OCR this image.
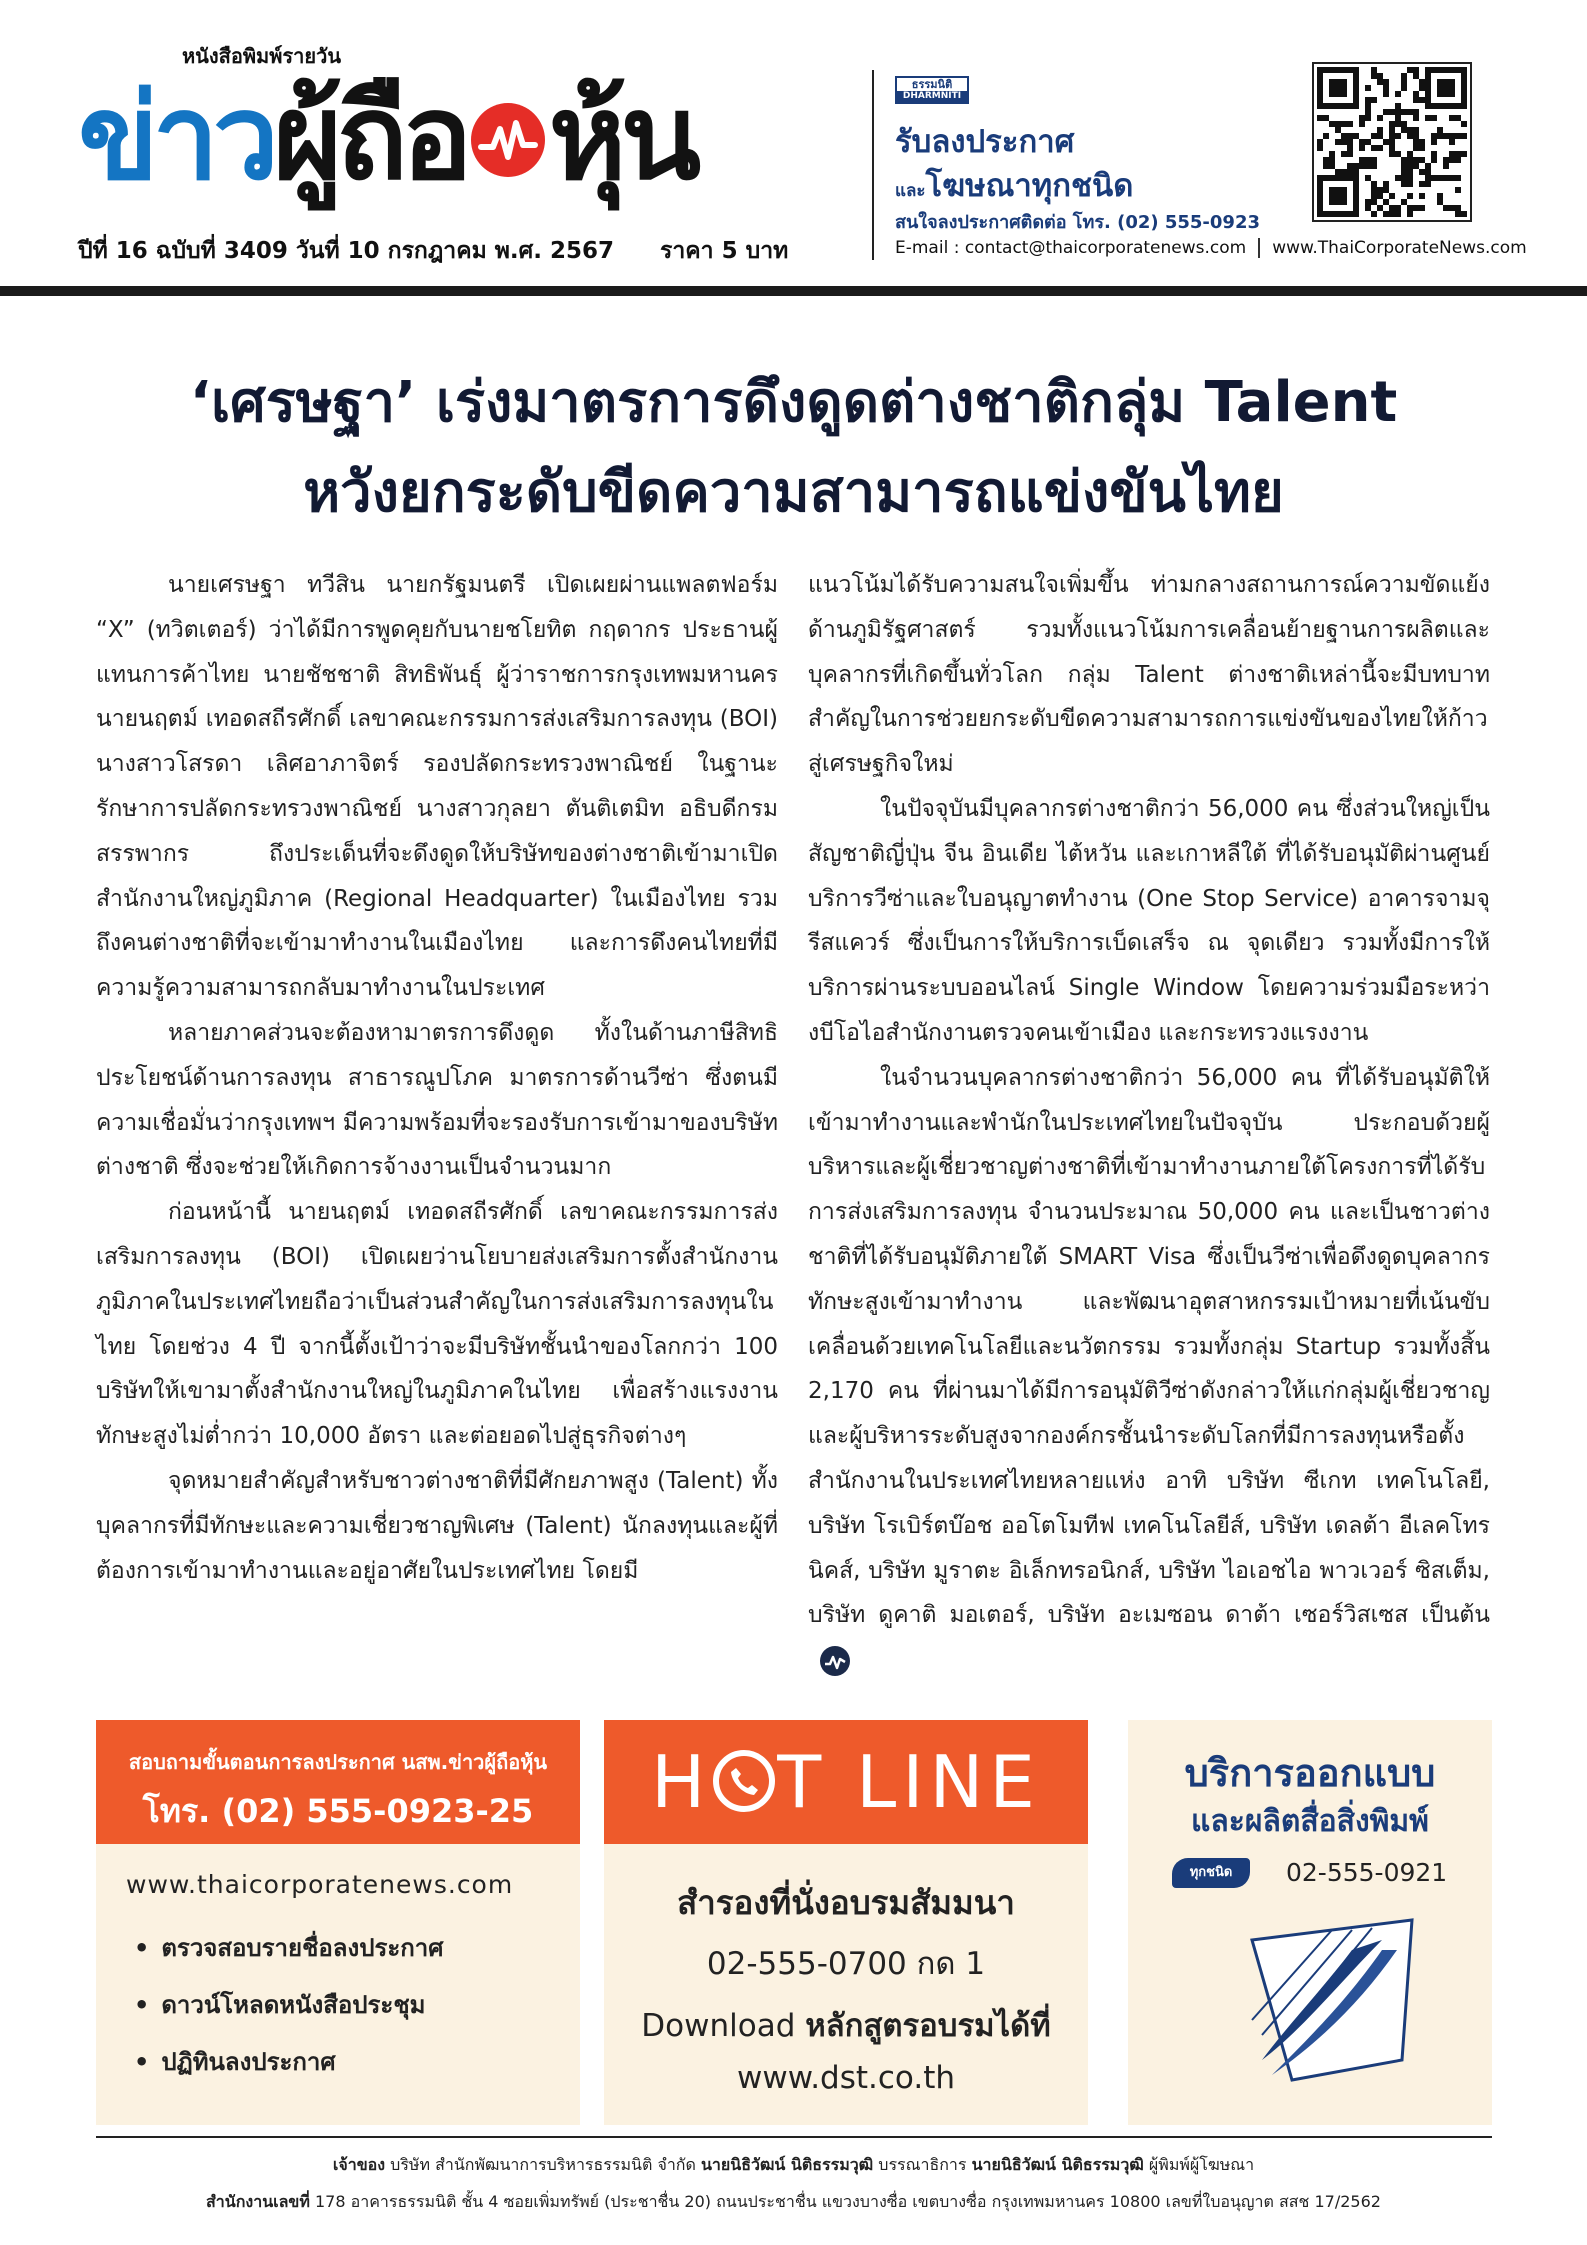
หนังสือพิมพ์รายวัน
ข่าวผู้ถือ หุ้น
ปีที่ 16 ฉบับที่ 3409 วันที่ 10 กรกฎาคม พ.ศ. 2567 ราคา 5 บาท
ธรรมนิติ
DHARMNITI
รับลงประกาศ
และโฆษณาทุกชนิด
สนใจลงประกาศติดต่อ โทร. (02) 555-0923
E-mail : contact@thaicorporatenews.com www.ThaiCorporateNews.com
‘เศรษฐา’ เร่งมาตรการดึงดูดต่างชาติกลุ่ม Talent
หวังยกระดับขีดความสามารถแข่งขันไทย

นายเศรษฐา ทวีสิน นายกรัฐมนตรี เปิดเผยผ่านแพลตฟอร์ม “X” (ทวิตเตอร์) ว่าได้มีการพูดคุยกับนายชโยทิต กฤดากร ประธานผู้แทนการค้าไทย นายชัชชาติ สิทธิพันธุ์ ผู้ว่าราชการกรุงเทพมหานคร นายนฤตม์ เทอดสถีรศักดิ์ เลขาคณะกรรมการส่งเสริมการลงทุน (BOI) นางสาวโสรดา เลิศอาภาจิตร์ รองปลัดกระทรวงพาณิชย์ ในฐานะรักษาการปลัดกระทรวงพาณิชย์ นางสาวกุลยา ตันติเตมิท อธิบดีกรมสรรพากร ถึงประเด็นที่จะดึงดูดให้บริษัทของต่างชาติเข้ามาเปิดสำนักงานใหญ่ภูมิภาค (Regional Headquarter) ในเมืองไทย รวมถึงคนต่างชาติที่จะเข้ามาทำงานในเมืองไทย และการดึงคนไทยที่มีความรู้ความสามารถกลับมาทำงานในประเทศ

หลายภาคส่วนจะต้องหามาตรการดึงดูด ทั้งในด้านภาษีสิทธิประโยชน์ด้านการลงทุน สาธารณูปโภค มาตรการด้านวีซ่า ซึ่งตนมีความเชื่อมั่นว่ากรุงเทพฯ มีความพร้อมที่จะรองรับการเข้ามาของบริษัทต่างชาติ ซึ่งจะช่วยให้เกิดการจ้างงานเป็นจำนวนมาก

ก่อนหน้านี้ นายนฤตม์ เทอดสถีรศักดิ์ เลขาคณะกรรมการส่งเสริมการลงทุน (BOI) เปิดเผยว่านโยบายส่งเสริมการตั้งสำนักงานภูมิภาคในประเทศไทยถือว่าเป็นส่วนสำคัญในการส่งเสริมการลงทุนในไทย โดยช่วง 4 ปี จากนี้ตั้งเป้าว่าจะมีบริษัทชั้นนำของโลกกว่า 100 บริษัทให้เขามาตั้งสำนักงานใหญ่ในภูมิภาคในไทย เพื่อสร้างแรงงานทักษะสูงไม่ต่ำกว่า 10,000 อัตรา และต่อยอดไปสู่ธุรกิจต่างๆ

จุดหมายสำคัญสำหรับชาวต่างชาติที่มีศักยภาพสูง (Talent) ทั้งบุคลากรที่มีทักษะและความเชี่ยวชาญพิเศษ (Talent) นักลงทุนและผู้ที่ต้องการเข้ามาทำงานและอยู่อาศัยในประเทศไทย โดยมี

แนวโน้มได้รับความสนใจเพิ่มขึ้น ท่ามกลางสถานการณ์ความขัดแย้งด้านภูมิรัฐศาสตร์ รวมทั้งแนวโน้มการเคลื่อนย้ายฐานการผลิตและบุคลากรที่เกิดขึ้นทั่วโลก กลุ่ม Talent ต่างชาติเหล่านี้จะมีบทบาทสำคัญในการช่วยยกระดับขีดความสามารถการแข่งขันของไทยให้ก้าวสู่เศรษฐกิจใหม่

ในปัจจุบันมีบุคลากรต่างชาติกว่า 56,000 คน ซึ่งส่วนใหญ่เป็นสัญชาติญี่ปุ่น จีน อินเดีย ไต้หวัน และเกาหลีใต้ ที่ได้รับอนุมัติผ่านศูนย์บริการวีซ่าและใบอนุญาตทำงาน (One Stop Service) อาคารจามจุรีสแควร์ ซึ่งเป็นการให้บริการเบ็ดเสร็จ ณ จุดเดียว รวมทั้งมีการให้บริการผ่านระบบออนไลน์ Single Window โดยความร่วมมือระหว่างบีโอไอสำนักงานตรวจคนเข้าเมือง และกระทรวงแรงงาน

ในจำนวนบุคลากรต่างชาติกว่า 56,000 คน ที่ได้รับอนุมัติให้เข้ามาทำงานและพำนักในประเทศไทยในปัจจุบัน ประกอบด้วยผู้บริหารและผู้เชี่ยวชาญต่างชาติที่เข้ามาทำงานภายใต้โครงการที่ได้รับการส่งเสริมการลงทุน จำนวนประมาณ 50,000 คน และเป็นชาวต่างชาติที่ได้รับอนุมัติภายใต้ SMART Visa ซึ่งเป็นวีซ่าเพื่อดึงดูดบุคลากรทักษะสูงเข้ามาทำงาน และพัฒนาอุตสาหกรรมเป้าหมายที่เน้นขับเคลื่อนด้วยเทคโนโลยีและนวัตกรรม รวมทั้งกลุ่ม Startup รวมทั้งสิ้น 2,170 คน ที่ผ่านมาได้มีการอนุมัติวีซ่าดังกล่าวให้แก่กลุ่มผู้เชี่ยวชาญและผู้บริหารระดับสูงจากองค์กรชั้นนำระดับโลกที่มีการลงทุนหรือตั้งสำนักงานในประเทศไทยหลายแห่ง อาทิ บริษัท ซีเกท เทคโนโลยี, บริษัท โรเบิร์ตบ๊อช ออโตโมทีฟ เทคโนโลยีส์, บริษัท เดลต้า อีเลคโทรนิคส์, บริษัท มูราตะ อิเล็กทรอนิกส์, บริษัท ไอเอชไอ พาวเวอร์ ซิสเต็ม, บริษัท ดูคาติ มอเตอร์, บริษัท อะเมซอน ดาต้า เซอร์วิสเซส เป็นต้น

สอบถามขั้นตอนการลงประกาศ นสพ.ข่าวผู้ถือหุ้น
โทร. (02) 555-0923-25
www.thaicorporatenews.com
• ตรวจสอบรายชื่อลงประกาศ
• ดาวน์โหลดหนังสือประชุม
• ปฏิทินลงประกาศ
H T LINE
สำรองที่นั่งอบรมสัมมนา
02-555-0700 กด 1
Download หลักสูตรอบรมได้ที่
www.dst.co.th
บริการออกแบบ
และผลิตสื่อสิ่งพิมพ์
ทุกชนิด	02-555-0921
เจ้าของ บริษัท สำนักพัฒนาการบริหารธรรมนิติ จำกัด นายนิธิวัฒน์ นิติธรรมวุฒิ บรรณาธิการ นายนิธิวัฒน์ นิติธรรมวุฒิ ผู้พิมพ์ผู้โฆษณา
สำนักงานเลขที่ 178 อาคารธรรมนิติ ชั้น 4 ซอยเพิ่มทรัพย์ (ประชาชื่น 20) ถนนประชาชื่น แขวงบางซื่อ เขตบางซื่อ กรุงเทพมหานคร 10800 เลขที่ใบอนุญาต สสช 17/2562
